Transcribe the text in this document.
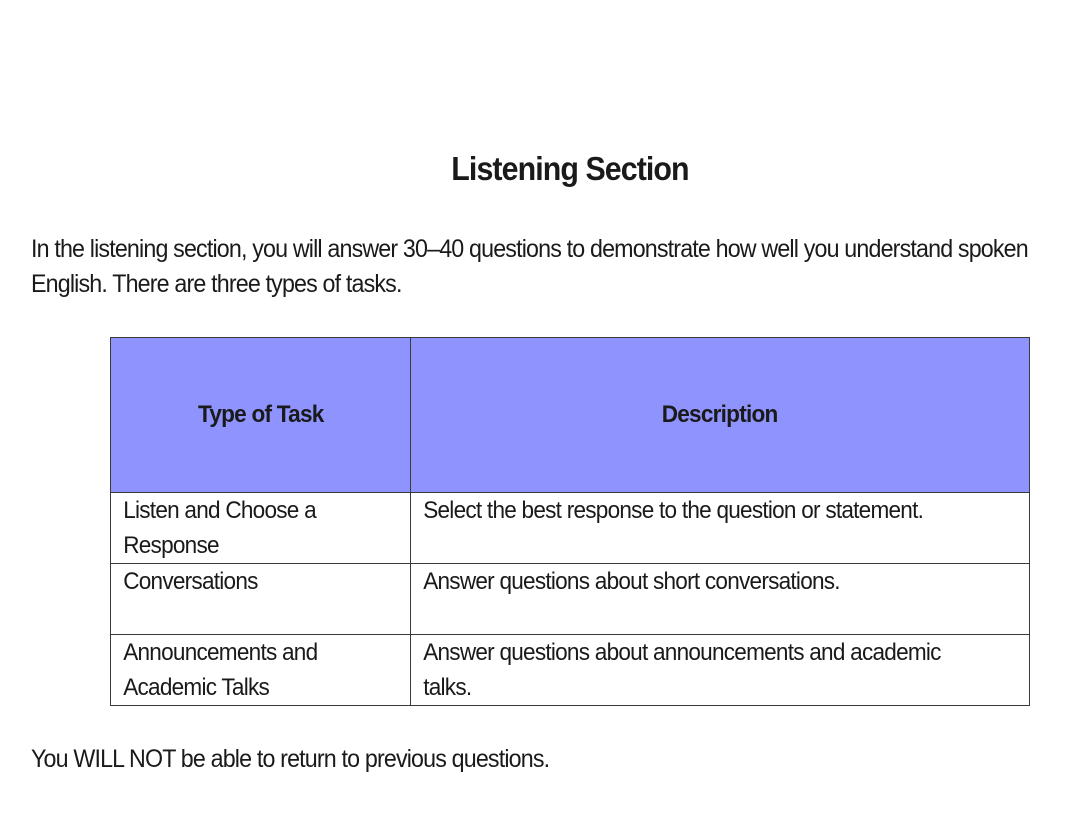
Listening Section

In the listening section, you will answer 30–40 questions to demonstrate how well you understand spoken English. There are three types of tasks.

Type of Task	Description

Listen and Choose a Response	Select the best response to the question or statement.

Conversations	Answer questions about short conversations.

Announcements and Academic Talks	Answer questions about announcements and academic talks.

You WILL NOT be able to return to previous questions.
